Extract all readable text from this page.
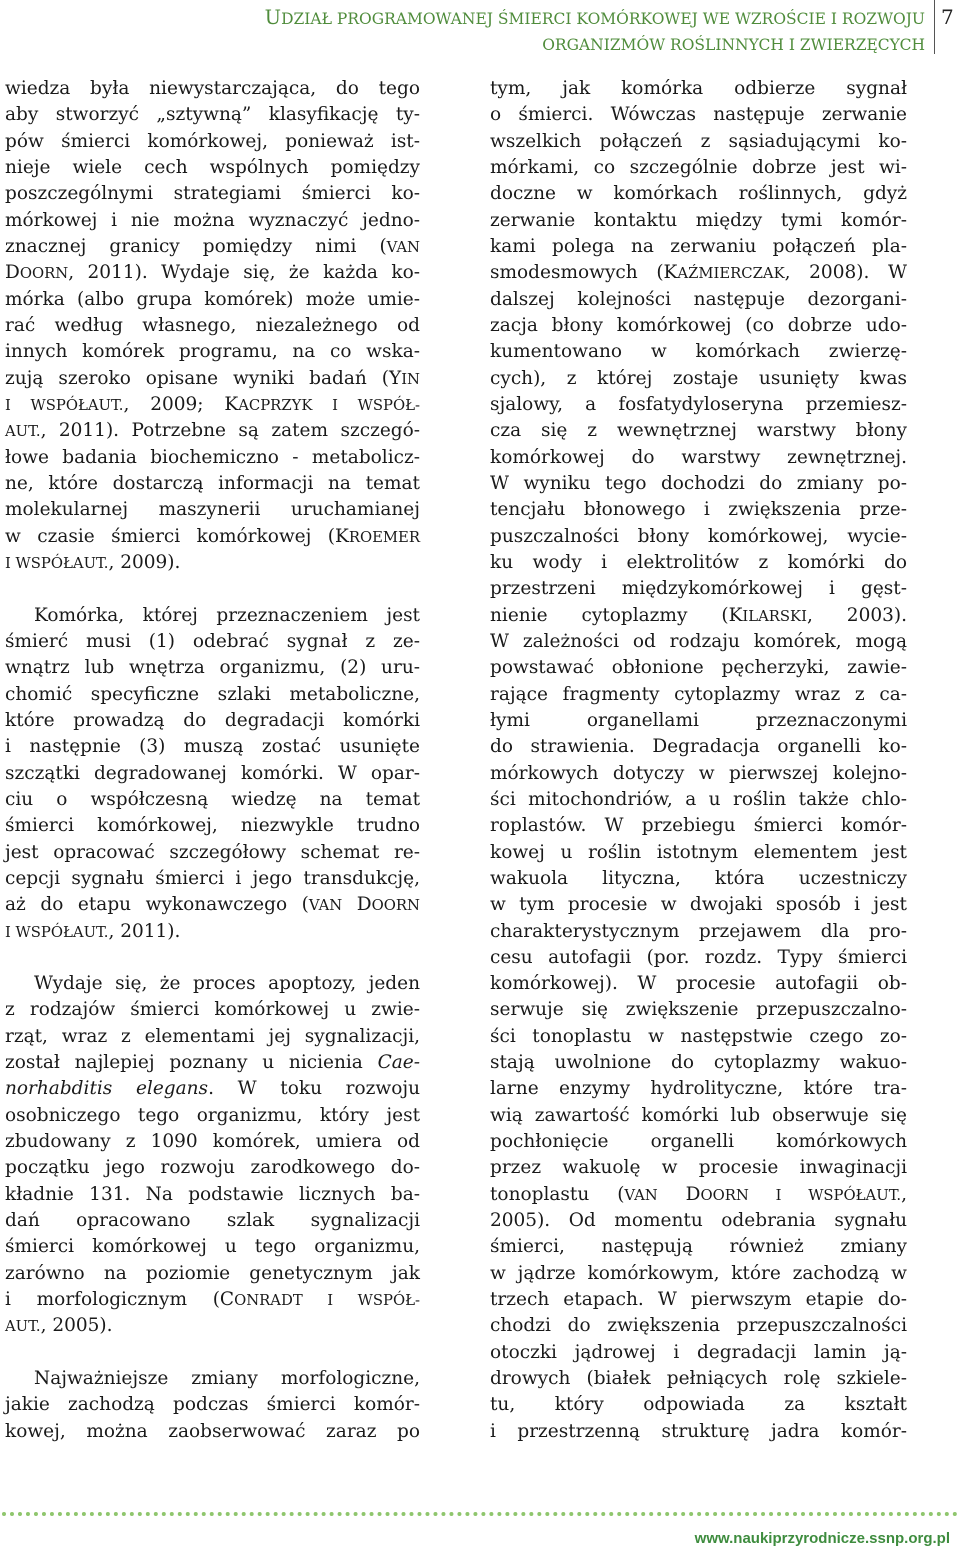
UDZIAŁ PROGRAMOWANEJ ŚMIERCI KOMÓRKOWEJ WE WZROŚCIE I ROZWOJU
ORGANIZMÓW ROŚLINNYCH I ZWIERZĘCYCH
7
wiedza była niewystarczająca, do tego
aby stworzyć „sztywną” klasyfikację ty-
pów śmierci komórkowej, ponieważ ist-
nieje wiele cech wspólnych pomiędzy
poszczególnymi strategiami śmierci ko-
mórkowej i nie można wyznaczyć jedno-
znacznej granicy pomiędzy nimi (VAN
DOORN, 2011). Wydaje się, że każda ko-
mórka (albo grupa komórek) może umie-
rać według własnego, niezależnego od
innych komórek programu, na co wska-
zują szeroko opisane wyniki badań (YIN
I WSPÓŁAUT., 2009; KACPRZYK I WSPÓŁ-
AUT., 2011). Potrzebne są zatem szczegó-
łowe badania biochemiczno - metabolicz-
ne, które dostarczą informacji na temat
molekularnej maszynerii uruchamianej
w czasie śmierci komórkowej (KROEMER
I WSPÓŁAUT., 2009).
Komórka, której przeznaczeniem jest
śmierć musi (1) odebrać sygnał z ze-
wnątrz lub wnętrza organizmu, (2) uru-
chomić specyficzne szlaki metaboliczne,
które prowadzą do degradacji komórki
i następnie (3) muszą zostać usunięte
szczątki degradowanej komórki. W opar-
ciu o współczesną wiedzę na temat
śmierci komórkowej, niezwykle trudno
jest opracować szczegółowy schemat re-
cepcji sygnału śmierci i jego transdukcję,
aż do etapu wykonawczego (VAN DOORN
I WSPÓŁAUT., 2011).
Wydaje się, że proces apoptozy, jeden
z rodzajów śmierci komórkowej u zwie-
rząt, wraz z elementami jej sygnalizacji,
został najlepiej poznany u nicienia Cae-
norhabditis elegans. W toku rozwoju
osobniczego tego organizmu, który jest
zbudowany z 1090 komórek, umiera od
początku jego rozwoju zarodkowego do-
kładnie 131. Na podstawie licznych ba-
dań opracowano szlak sygnalizacji
śmierci komórkowej u tego organizmu,
zarówno na poziomie genetycznym jak
i morfologicznym (CONRADT I WSPÓŁ-
AUT., 2005).
Najważniejsze zmiany morfologiczne,
jakie zachodzą podczas śmierci komór-
kowej, można zaobserwować zaraz po
tym, jak komórka odbierze sygnał
o śmierci. Wówczas następuje zerwanie
wszelkich połączeń z sąsiadującymi ko-
mórkami, co szczególnie dobrze jest wi-
doczne w komórkach roślinnych, gdyż
zerwanie kontaktu między tymi komór-
kami polega na zerwaniu połączeń pla-
smodesmowych (KAŹMIERCZAK, 2008). W
dalszej kolejności następuje dezorgani-
zacja błony komórkowej (co dobrze udo-
kumentowano w komórkach zwierzę-
cych), z której zostaje usunięty kwas
sjalowy, a fosfatydyloseryna przemiesz-
cza się z wewnętrznej warstwy błony
komórkowej do warstwy zewnętrznej.
W wyniku tego dochodzi do zmiany po-
tencjału błonowego i zwiększenia prze-
puszczalności błony komórkowej, wycie-
ku wody i elektrolitów z komórki do
przestrzeni międzykomórkowej i gęst-
nienie cytoplazmy (KILARSKI, 2003).
W zależności od rodzaju komórek, mogą
powstawać obłonione pęcherzyki, zawie-
rające fragmenty cytoplazmy wraz z ca-
łymi organellami przeznaczonymi
do strawienia. Degradacja organelli ko-
mórkowych dotyczy w pierwszej kolejno-
ści mitochondriów, a u roślin także chlo-
roplastów. W przebiegu śmierci komór-
kowej u roślin istotnym elementem jest
wakuola lityczna, która uczestniczy
w tym procesie w dwojaki sposób i jest
charakterystycznym przejawem dla pro-
cesu autofagii (por. rozdz. Typy śmierci
komórkowej). W procesie autofagii ob-
serwuje się zwiększenie przepuszczalno-
ści tonoplastu w następstwie czego zo-
stają uwolnione do cytoplazmy wakuo-
larne enzymy hydrolityczne, które tra-
wią zawartość komórki lub obserwuje się
pochłonięcie organelli komórkowych
przez wakuolę w procesie inwaginacji
tonoplastu (VAN DOORN I WSPÓŁAUT.,
2005). Od momentu odebrania sygnału
śmierci, następują również zmiany
w jądrze komórkowym, które zachodzą w
trzech etapach. W pierwszym etapie do-
chodzi do zwiększenia przepuszczalności
otoczki jądrowej i degradacji lamin ją-
drowych (białek pełniących rolę szkiele-
tu, który odpowiada za kształt
i przestrzenną strukturę jadra komór-
www.naukiprzyrodnicze.ssnp.org.pl
